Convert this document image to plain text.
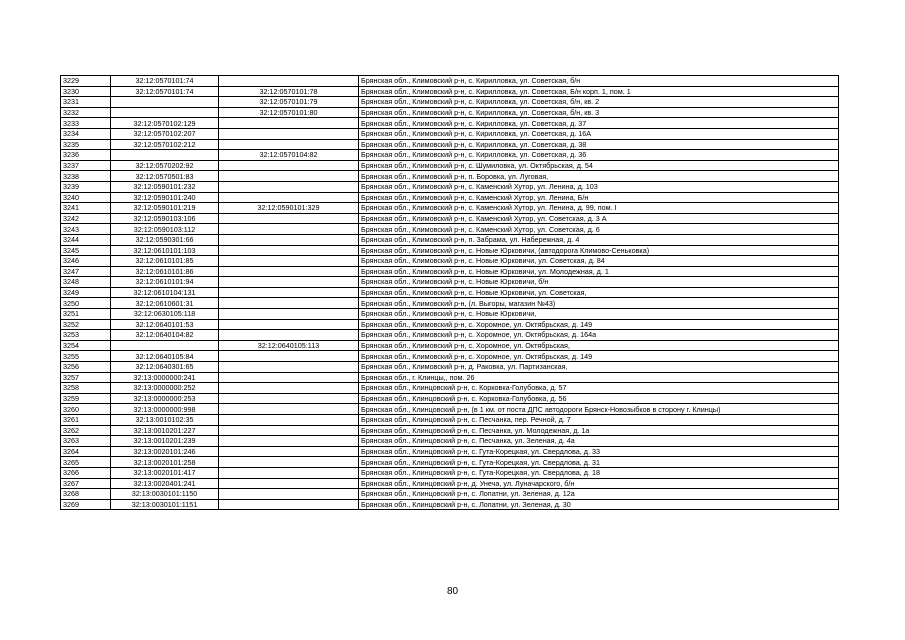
3229	32:12:0570101:74		Брянская обл., Климовский р-н, с. Кирилловка, ул. Советская, б/н
3230	32:12:0570101:74	32:12:0570101:78	Брянская обл., Климовский р-н, с. Кирилловка, ул. Советская, Б/н корп. 1, пом. 1
3231		32:12:0570101:79	Брянская обл., Климовский р-н, с. Кирилловка, ул. Советская, б/н, кв. 2
3232		32:12:0570101:80	Брянская обл., Климовский р-н, с. Кирилловка, ул. Советская, б/н, кв. 3
3233	32:12:0570102:129		Брянская обл., Климовский р-н, с. Кирилловка, ул. Советская, д. 37
3234	32:12:0570102:207		Брянская обл., Климовский р-н, с. Кирилловка, ул. Советская, д. 16А
3235	32:12:0570102:212		Брянская обл., Климовский р-н, с. Кирилловка, ул. Советская, д. 38
3236		32:12:0570104:82	Брянская обл., Климовский р-н, с. Кирилловка, ул. Советская, д. 36
3237	32:12:0570202:92		Брянская обл., Климовский р-н, с. Шумиловка, ул. Октябрьская, д. 54
3238	32:12:0570501:83		Брянская обл., Климовский р-н, п. Боровка, ул. Луговая,
3239	32:12:0590101:232		Брянская обл., Климовский р-н, с. Каменский Хутор, ул. Ленина, д. 103
3240	32:12:0590101:240		Брянская обл., Климовский р-н, с. Каменский Хутор, ул. Ленина, Б/н
3241	32:12:0590101:219	32:12:0590101:329	Брянская обл., Климовский р-н, с. Каменский Хутор, ул. Ленина, д. 99, пом. I
3242	32:12:0590103:106		Брянская обл., Климовский р-н, с. Каменский Хутор, ул. Советская, д. 3 А
3243	32:12:0590103:112		Брянская обл., Климовский р-н, с. Каменский Хутор, ул. Советская, д. 6
3244	32:12:0590301:66		Брянская обл., Климовский р-н, п. Забрама, ул. Набережная, д. 4
3245	32:12:0610101:103		Брянская обл., Климовский р-н, с. Новые Юрковичи, (автодорога Климово-Сеньковка)
3246	32:12:0610101:85		Брянская обл., Климовский р-н, с. Новые Юрковичи, ул. Советская, д. 84
3247	32:12:0610101:86		Брянская обл., Климовский р-н, с. Новые Юрковичи, ул. Молодежная, д. 1
3248	32:12:0610101:94		Брянская обл., Климовский р-н, с. Новые Юрковичи, б/н
3249	32:12:0610104:131		Брянская обл., Климовский р-н, с. Новые Юрковичи, ул. Советская,
3250	32:12:0610601:31		Брянская обл., Климовский р-н, (л. Выгоры, магазин №43)
3251	32:12:0630105:118		Брянская обл., Климовский р-н, с. Новые Юрковичи,
3252	32:12:0640101:53		Брянская обл., Климовский р-н, с. Хоромное, ул. Октябрьская, д. 149
3253	32:12:0640104:82		Брянская обл., Климовский р-н, с. Хоромное, ул. Октябрьская, д. 164а
3254		32:12:0640105:113	Брянская обл., Климовский р-н, с. Хоромное, ул. Октябрьская,
3255	32:12:0640105:84		Брянская обл., Климовский р-н, с. Хоромное, ул. Октябрьская, д. 149
3256	32:12:0640301:65		Брянская обл., Климовский р-н, д. Раковка, ул. Партизанская,
3257	32:13:0000000:241		Брянская обл., г. Клинцы,, пом. 26
3258	32:13:0000000:252		Брянская обл., Клинцовский р-н, с. Корковка-Голубовка, д. 57
3259	32:13:0000000:253		Брянская обл., Клинцовский р-н, с. Корковка-Голубовка, д. 56
3260	32:13:0000000:998		Брянская обл., Клинцовский р-н, (в 1 км. от поста ДПС автодороги Брянск-Новозыбков в сторону г. Клинцы)
3261	32:13:0010102:35		Брянская обл., Клинцовский р-н, с. Песчанка, пер. Речной, д. 7
3262	32:13:0010201:227		Брянская обл., Клинцовский р-н, с. Песчанка, ул. Молодежная, д. 1а
3263	32:13:0010201:239		Брянская обл., Клинцовский р-н, с. Песчанка, ул. Зеленая, д. 4а
3264	32:13:0020101:246		Брянская обл., Клинцовский р-н, с. Гута-Корецкая, ул. Свердлова, д. 33
3265	32:13:0020101:258		Брянская обл., Клинцовский р-н, с. Гута-Корецкая, ул. Свердлова, д. 31
3266	32:13:0020101:417		Брянская обл., Клинцовский р-н, с. Гута-Корецкая, ул. Свердлова, д. 18
3267	32:13:0020401:241		Брянская обл., Клинцовский р-н, д. Унеча, ул. Луначарского, б/н
3268	32:13:0030101:1150		Брянская обл., Клинцовский р-н, с. Лопатни, ул. Зеленая, д. 12а
3269	32:13:0030101:1151		Брянская обл., Клинцовский р-н, с. Лопатни, ул. Зеленая, д. 30
80
